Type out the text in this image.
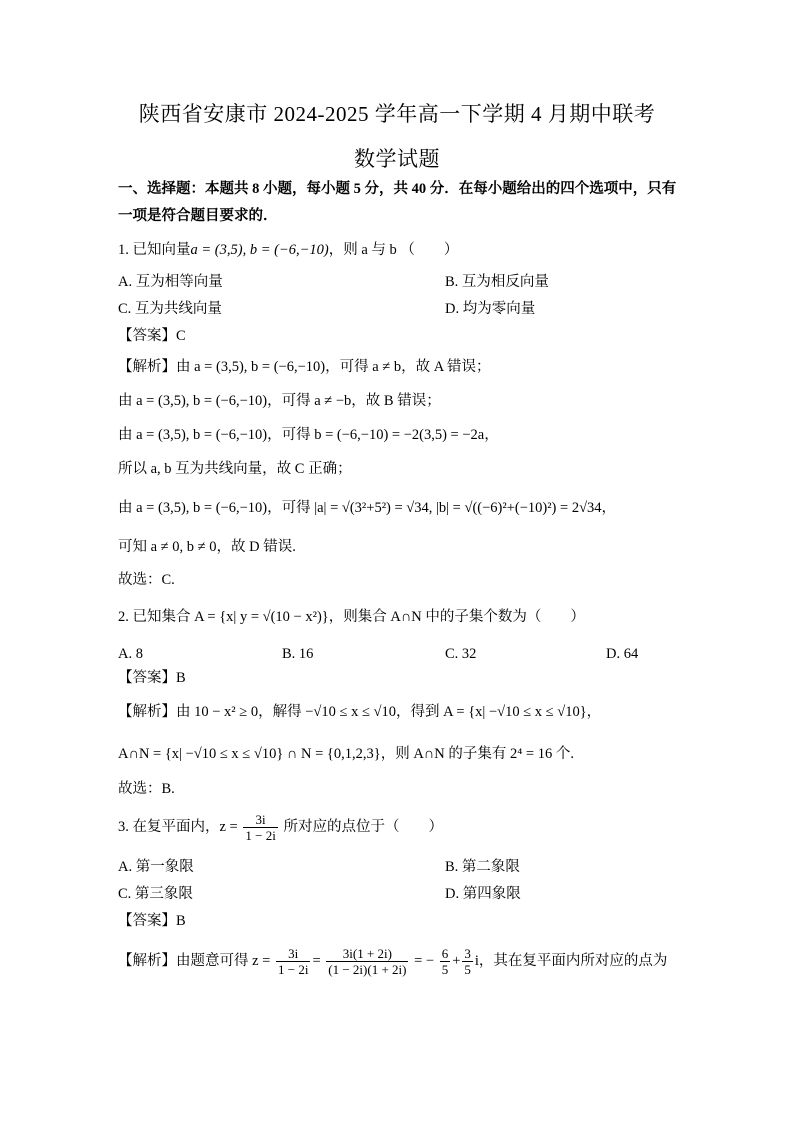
陕西省安康市 2024-2025 学年高一下学期 4 月期中联考
数学试题
一、选择题：本题共 8 小题，每小题 5 分，共 40 分．在每小题给出的四个选项中，只有
一项是符合题目要求的．
1. 已知向量a = (3,5), b = (−6,−10)，则 a 与 b （　　）
A. 互为相等向量	B. 互为相反向量
C. 互为共线向量	D. 均为零向量
【答案】C
【解析】由 a = (3,5), b = (−6,−10)，可得 a ≠ b，故 A 错误；
由 a = (3,5), b = (−6,−10)，可得 a ≠ −b，故 B 错误；
由 a = (3,5), b = (−6,−10)，可得 b = (−6,−10) = −2(3,5) = −2a，
所以 a, b 互为共线向量，故 C 正确；
由 a = (3,5), b = (−6,−10)，可得 |a| = √(3²+5²) = √34, |b| = √((−6)²+(−10)²) = 2√34，
可知 a ≠ 0, b ≠ 0，故 D 错误.
故选：C.
2. 已知集合 A = {x| y = √(10 − x²)}，则集合 A∩N 中的子集个数为（　　）
A. 8	B. 16	C. 32	D. 64
【答案】B
【解析】由 10 − x² ≥ 0，解得 −√10 ≤ x ≤ √10，得到 A = {x| −√10 ≤ x ≤ √10}，
A∩N = {x| −√10 ≤ x ≤ √10} ∩ N = {0,1,2,3}，则 A∩N 的子集有 2⁴ = 16 个.
故选：B.
3. 在复平面内，$z = \frac{3i}{1 - 2i}$ 所对应的点位于（　　）
A. 第一象限	B. 第二象限
C. 第三象限	D. 第四象限
【答案】B
【解析】由题意可得 $z = \frac{3i}{1 - 2i} = \frac{3i(1 + 2i)}{(1 - 2i)(1 + 2i)}$ = − $\frac{6}{5} + \frac{3}{5}$ i，其在复平面内所对应的点为
